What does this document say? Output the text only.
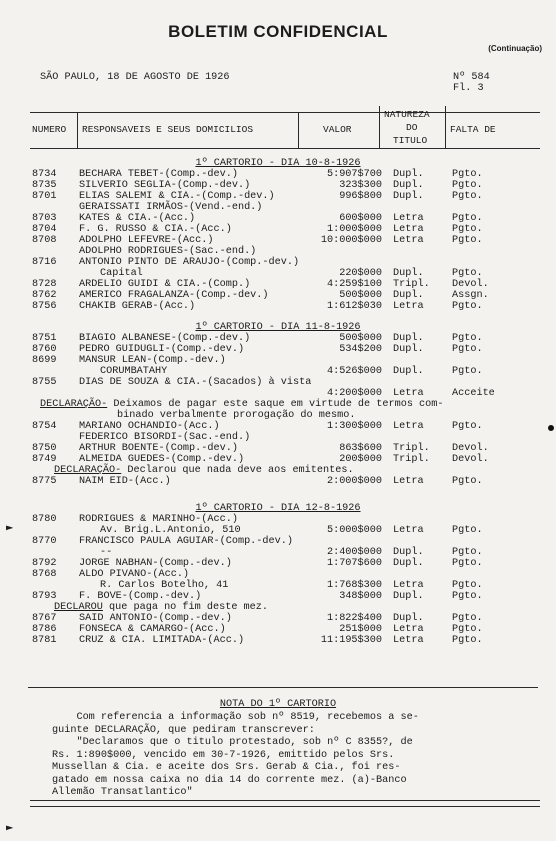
BOLETIM CONFIDENCIAL
(Continuação)
SÃO PAULO, 18 DE AGOSTO DE 1926	Nº 584
Fl. 3
NUMERO RESPONSAVEIS E SEUS DOMICILIOS	VALOR
NATUREZA
DO
TITULO
FALTA DE
1º CARTORIO - DIA 10-8-1926
8734 BECHARA TEBET-(Comp.-dev.)	5:907$700 Dupl.	Pgto.
8735 SILVERIO SEGLIA-(Comp.-dev.)	323$300 Dupl.	Pgto.
8701 ELIAS SALEMI & CIA.-(Comp.-dev.)	996$800 Dupl.	Pgto.
GERAISSATI IRMÃOS-(Vend.-end.)
8703 KATES & CIA.-(Acc.)	600$000 Letra	Pgto.
8704 F. G. RUSSO & CIA.-(Acc.)	1:000$000 Letra	Pgto.
8708 ADOLPHO LEFEVRE-(Acc.)	10:000$000 Letra	Pgto.
ADOLPHO RODRIGUES-(Sac.-end.)
8716 ANTONIO PINTO DE ARAUJO-(Comp.-dev.)
Capital	220$000 Dupl.	Pgto.
8728 ARDELIO GUIDI & CIA.-(Comp.)	4:259$100 Tripl. Devol.
8762 AMERICO FRAGALANZA-(Comp.-dev.)	500$000 Dupl.	Assgn.
8756 CHAKIB GERAB-(Acc.)	1:612$030 Letra	Pgto.
1º CARTORIO - DIA 11-8-1926
8751 BIAGIO ALBANESE-(Comp.-dev.)	500$000 Dupl.	Pgto.
8760 PEDRO GUIDUGLI-(Comp.-dev.)	534$200 Dupl.	Pgto.
8699 MANSUR LEAN-(Comp.-dev.)
CORUMBATAHY	4:526$000 Dupl.	Pgto.
8755 DIAS DE SOUZA & CIA.-(Sacados) à vista
4:200$000 Letra	Acceite
DECLARAÇÃO- Deixamos de pagar este saque em virtude de termos com-
binado verbalmente prorogação do mesmo.
8754 MARIANO OCHANDIO-(Acc.)	1:300$000 Letra	Pgto.
FEDERICO BISORDI-(Sac.-end.)
8750 ARTHUR BOENTE-(Comp.-dev.)	863$600 Tripl. Devol.
8749 ALMEIDA GUEDES-(Comp.-dev.)	200$000 Tripl. Devol.
DECLARAÇÃO- Declarou que nada deve aos emitentes.
8775 NAIM EID-(Acc.)	2:000$000 Letra	Pgto.
1º CARTORIO - DIA 12-8-1926
8780 RODRIGUES & MARINHO-(Acc.)
Av. Brig.L.Antonio, 510	5:000$000 Letra	Pgto.
8770 FRANCISCO PAULA AGUIAR-(Comp.-dev.)
--	2:400$000 Dupl.	Pgto.
8792 JORGE NABHAN-(Comp.-dev.)	1:707$600 Dupl.	Pgto.
8768 ALDO PIVANO-(Acc.)
R. Carlos Botelho, 41	1:768$300 Letra	Pgto.
8793 F. BOVE-(Comp.-dev.)	348$000 Dupl.	Pgto.
DECLAROU que paga no fim deste mez.
8767 SAID ANTONIO-(Comp.-dev.)	1:822$400 Dupl.	Pgto.
8786 FONSECA & CAMARGO-(Acc.)	251$000 Letra	Pgto.
8781 CRUZ & CIA. LIMITADA-(Acc.)	11:195$300 Letra	Pgto.
NOTA DO 1º CARTORIO
Com referencia a informação sob nº 8519, recebemos a se-
guinte DECLARAÇÃO, que pediram transcrever:
"Declaramos que o titulo protestado, sob nº C 8355?, de
Rs. 1:890$000, vencido em 30-7-1926, emittido pelos Srs.
Mussellan & Cia. e aceite dos Srs. Gerab & Cia., foi res-
gatado em nossa caixa no dia 14 do corrente mez. (a)-Banco
Allemão Transatlantico"
►
►
